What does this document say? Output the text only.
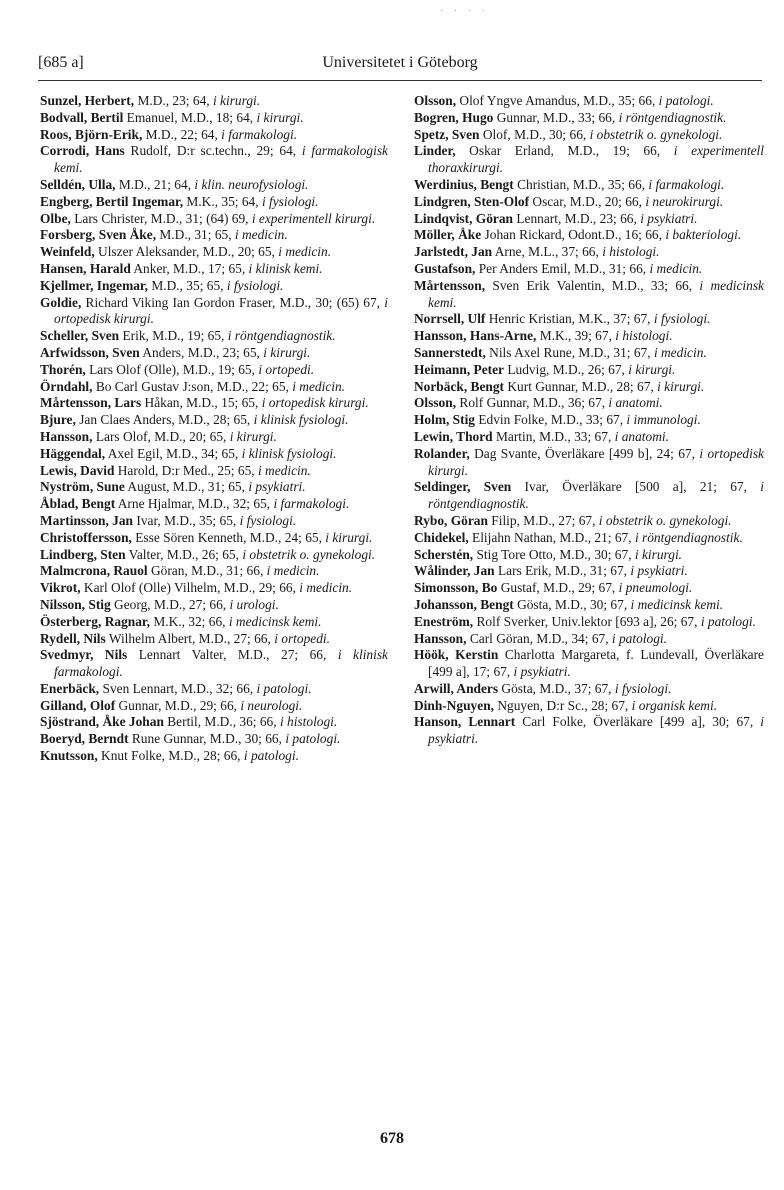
· · · ·
[685 a]	Universitetet i Göteborg

Sunzel, Herbert, M.D., 23; 64, i kirurgi.

Bodvall, Bertil Emanuel, M.D., 18; 64, i kirurgi.

Roos, Björn-Erik, M.D., 22; 64, i farmakologi.

Corrodi, Hans Rudolf, D:r sc.techn., 29; 64, i farmakologisk kemi.

Selldén, Ulla, M.D., 21; 64, i klin. neurofysiologi.

Engberg, Bertil Ingemar, M.K., 35; 64, i fysiologi.

Olbe, Lars Christer, M.D., 31; (64) 69, i experimentell kirurgi.

Forsberg, Sven Åke, M.D., 31; 65, i medicin.

Weinfeld, Ulszer Aleksander, M.D., 20; 65, i medicin.

Hansen, Harald Anker, M.D., 17; 65, i klinisk kemi.

Kjellmer, Ingemar, M.D., 35; 65, i fysiologi.

Goldie, Richard Viking Ian Gordon Fraser, M.D., 30; (65) 67, i ortopedisk kirurgi.

Scheller, Sven Erik, M.D., 19; 65, i röntgendiagnostik.

Arfwidsson, Sven Anders, M.D., 23; 65, i kirurgi.

Thorén, Lars Olof (Olle), M.D., 19; 65, i ortopedi.

Örndahl, Bo Carl Gustav J:son, M.D., 22; 65, i medicin.

Mårtensson, Lars Håkan, M.D., 15; 65, i ortopedisk kirurgi.

Bjure, Jan Claes Anders, M.D., 28; 65, i klinisk fysiologi.

Hansson, Lars Olof, M.D., 20; 65, i kirurgi.

Häggendal, Axel Egil, M.D., 34; 65, i klinisk fysiologi.

Lewis, David Harold, D:r Med., 25; 65, i medicin.

Nyström, Sune August, M.D., 31; 65, i psykiatri.

Åblad, Bengt Arne Hjalmar, M.D., 32; 65, i farmakologi.

Martinsson, Jan Ivar, M.D., 35; 65, i fysiologi.

Christoffersson, Esse Sören Kenneth, M.D., 24; 65, i kirurgi.

Lindberg, Sten Valter, M.D., 26; 65, i obstetrik o. gynekologi.

Malmcrona, Rauol Göran, M.D., 31; 66, i medicin.

Vikrot, Karl Olof (Olle) Vilhelm, M.D., 29; 66, i medicin.

Nilsson, Stig Georg, M.D., 27; 66, i urologi.

Österberg, Ragnar, M.K., 32; 66, i medicinsk kemi.

Rydell, Nils Wilhelm Albert, M.D., 27; 66, i ortopedi.

Svedmyr, Nils Lennart Valter, M.D., 27; 66, i klinisk farmakologi.

Enerbäck, Sven Lennart, M.D., 32; 66, i patologi.

Gilland, Olof Gunnar, M.D., 29; 66, i neurologi.

Sjöstrand, Åke Johan Bertil, M.D., 36; 66, i histologi.

Boeryd, Berndt Rune Gunnar, M.D., 30; 66, i patologi.

Knutsson, Knut Folke, M.D., 28; 66, i patologi.

Olsson, Olof Yngve Amandus, M.D., 35; 66, i patologi.

Bogren, Hugo Gunnar, M.D., 33; 66, i röntgendiagnostik.

Spetz, Sven Olof, M.D., 30; 66, i obstetrik o. gynekologi.

Linder, Oskar Erland, M.D., 19; 66, i experimentell thoraxkirurgi.

Werdinius, Bengt Christian, M.D., 35; 66, i farmakologi.

Lindgren, Sten-Olof Oscar, M.D., 20; 66, i neurokirurgi.

Lindqvist, Göran Lennart, M.D., 23; 66, i psykiatri.

Möller, Åke Johan Rickard, Odont.D., 16; 66, i bakteriologi.

Jarlstedt, Jan Arne, M.L., 37; 66, i histologi.

Gustafson, Per Anders Emil, M.D., 31; 66, i medicin.

Mårtensson, Sven Erik Valentin, M.D., 33; 66, i medicinsk kemi.

Norrsell, Ulf Henric Kristian, M.K., 37; 67, i fysiologi.

Hansson, Hans-Arne, M.K., 39; 67, i histologi.

Sannerstedt, Nils Axel Rune, M.D., 31; 67, i medicin.

Heimann, Peter Ludvig, M.D., 26; 67, i kirurgi.

Norbäck, Bengt Kurt Gunnar, M.D., 28; 67, i kirurgi.

Olsson, Rolf Gunnar, M.D., 36; 67, i anatomi.

Holm, Stig Edvin Folke, M.D., 33; 67, i immunologi.

Lewin, Thord Martin, M.D., 33; 67, i anatomi.

Rolander, Dag Svante, Överläkare [499 b], 24; 67, i ortopedisk kirurgi.

Seldinger, Sven Ivar, Överläkare [500 a], 21; 67, i röntgendiagnostik.

Rybo, Göran Filip, M.D., 27; 67, i obstetrik o. gynekologi.

Chidekel, Elijahn Nathan, M.D., 21; 67, i röntgendiagnostik.

Scherstén, Stig Tore Otto, M.D., 30; 67, i kirurgi.

Wålinder, Jan Lars Erik, M.D., 31; 67, i psykiatri.

Simonsson, Bo Gustaf, M.D., 29; 67, i pneumologi.

Johansson, Bengt Gösta, M.D., 30; 67, i medicinsk kemi.

Eneström, Rolf Sverker, Univ.lektor [693 a], 26; 67, i patologi.

Hansson, Carl Göran, M.D., 34; 67, i patologi.

Höök, Kerstin Charlotta Margareta, f. Lundevall, Överläkare [499 a], 17; 67, i psykiatri.

Arwill, Anders Gösta, M.D., 37; 67, i fysiologi.

Dinh-Nguyen, Nguyen, D:r Sc., 28; 67, i organisk kemi.

Hanson, Lennart Carl Folke, Överläkare [499 a], 30; 67, i psykiatri.

678
